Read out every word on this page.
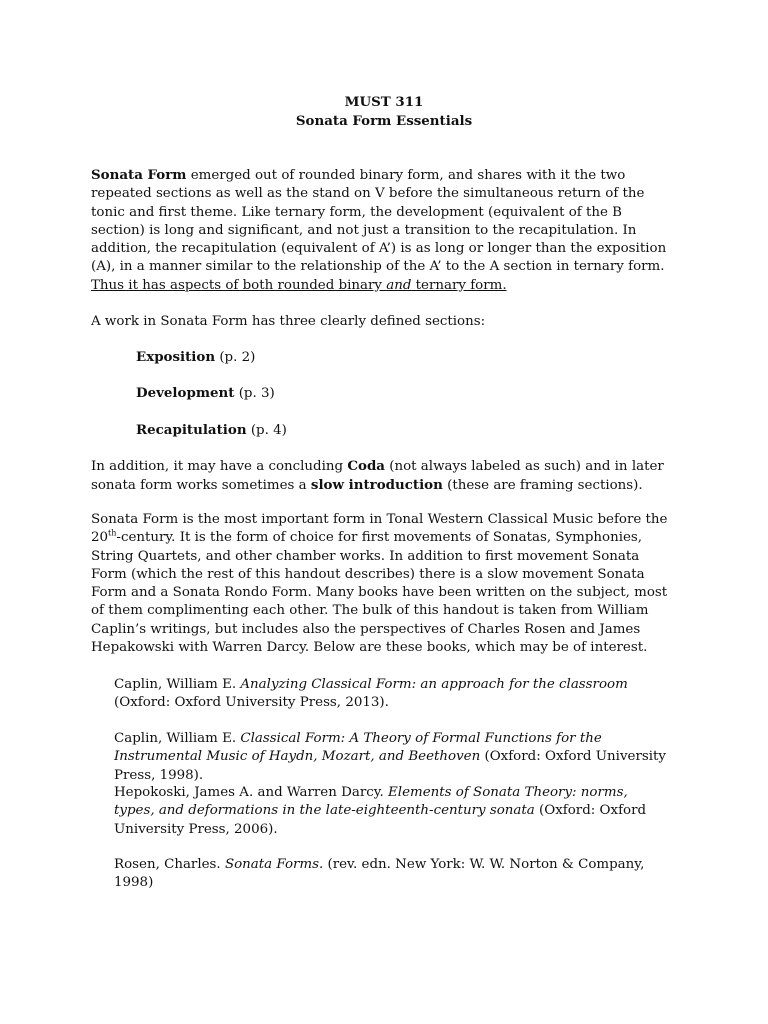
MUST 311
Sonata Form Essentials
Sonata Form emerged out of rounded binary form, and shares with it the two repeated sections as well as the stand on V before the simultaneous return of the tonic and first theme. Like ternary form, the development (equivalent of the B section) is long and significant, and not just a transition to the recapitulation. In addition, the recapitulation (equivalent of A’) is as long or longer than the exposition (A), in a manner similar to the relationship of the A’ to the A section in ternary form. Thus it has aspects of both rounded binary and ternary form.
A work in Sonata Form has three clearly defined sections:
Exposition (p. 2)
Development (p. 3)
Recapitulation (p. 4)
In addition, it may have a concluding Coda (not always labeled as such) and in later sonata form works sometimes a slow introduction (these are framing sections).
Sonata Form is the most important form in Tonal Western Classical Music before the 20th-century. It is the form of choice for first movements of Sonatas, Symphonies, String Quartets, and other chamber works. In addition to first movement Sonata Form (which the rest of this handout describes) there is a slow movement Sonata Form and a Sonata Rondo Form. Many books have been written on the subject, most of them complimenting each other. The bulk of this handout is taken from William Caplin’s writings, but includes also the perspectives of Charles Rosen and James Hepakowski with Warren Darcy. Below are these books, which may be of interest.
Caplin, William E. Analyzing Classical Form: an approach for the classroom (Oxford: Oxford University Press, 2013).
Caplin, William E. Classical Form: A Theory of Formal Functions for the Instrumental Music of Haydn, Mozart, and Beethoven (Oxford: Oxford University Press, 1998).
Hepokoski, James A. and Warren Darcy. Elements of Sonata Theory: norms, types, and deformations in the late-eighteenth-century sonata (Oxford: Oxford University Press, 2006).
Rosen, Charles. Sonata Forms. (rev. edn. New York: W. W. Norton & Company, 1998)
